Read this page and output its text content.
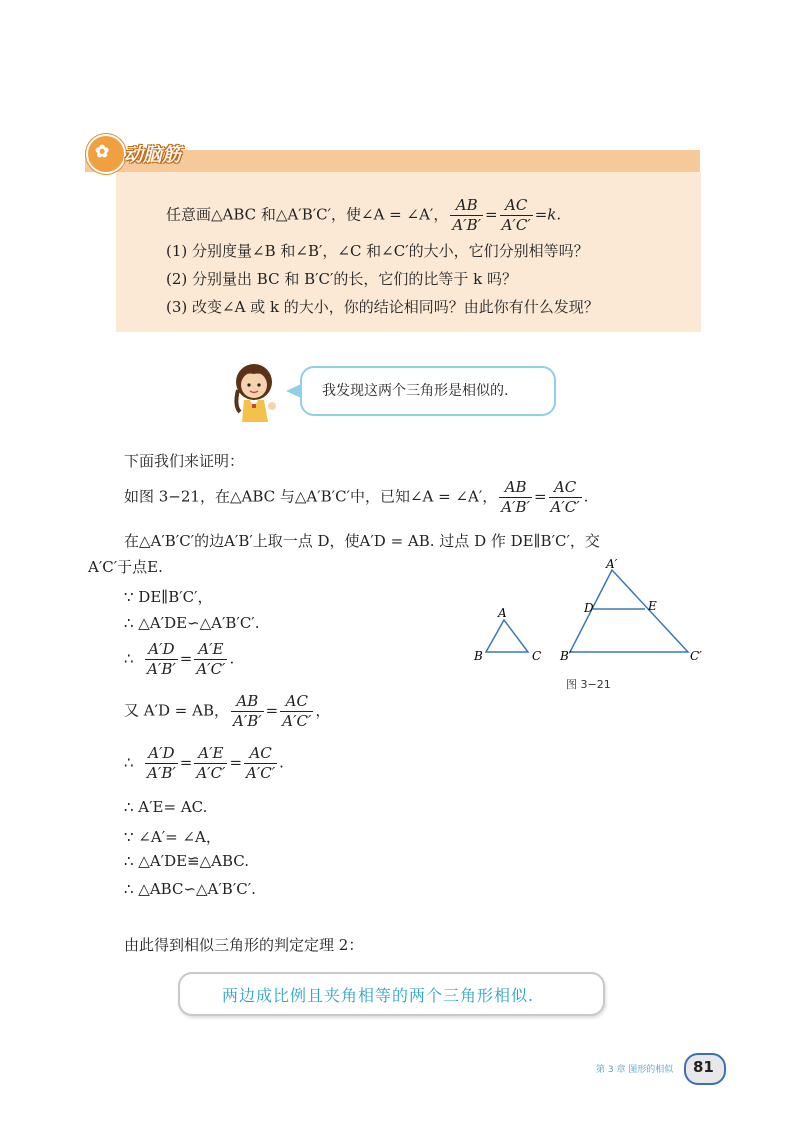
✿ 动脑筋
任意画△ABC 和△A′B′C′，使∠A = ∠A′， $\frac{AB}{A'B'} = \frac{AC}{A'C'} =k$.
(1) 分别度量∠B 和∠B′，∠C 和∠C′的大小，它们分别相等吗？
(2) 分别量出 BC 和 B′C′的长，它们的比等于 k 吗？
(3) 改变∠A 或 k 的大小，你的结论相同吗？由此你有什么发现？
我发现这两个三角形是相似的.
下面我们来证明：
如图 3−21，在△ABC 与△A′B′C′中，已知∠A = ∠A′， $\frac{AB}{A'B'} = \frac{AC}{A'C'}$ .
在△A′B′C′的边A′B′上取一点 D，使A′D = AB. 过点 D 作 DE∥B′C′，交
A′C′于点E.
∵ DE∥B′C′，
∴ △A′DE∽△A′B′C′.
∴ $\frac{A'D}{A'B'} = \frac{A'E}{A'C'}$ .
又 A′D = AB， $\frac{AB}{A'B'} = \frac{AC}{A'C'}$ ，
∴ $\frac{A'D}{A'B'} = \frac{A'E}{A'C'} = \frac{AC}{A'C'}$ .
∴ A′E= AC.
∵ ∠A′= ∠A，
∴ △A′DE≌△ABC.
∴ △ABC∽△A′B′C′.
由此得到相似三角形的判定定理 2：
A
B	C
A′
B′	C′
D	E
图 3−21
两边成比例且夹角相等的两个三角形相似.
第 3 章 图形的相似 81
